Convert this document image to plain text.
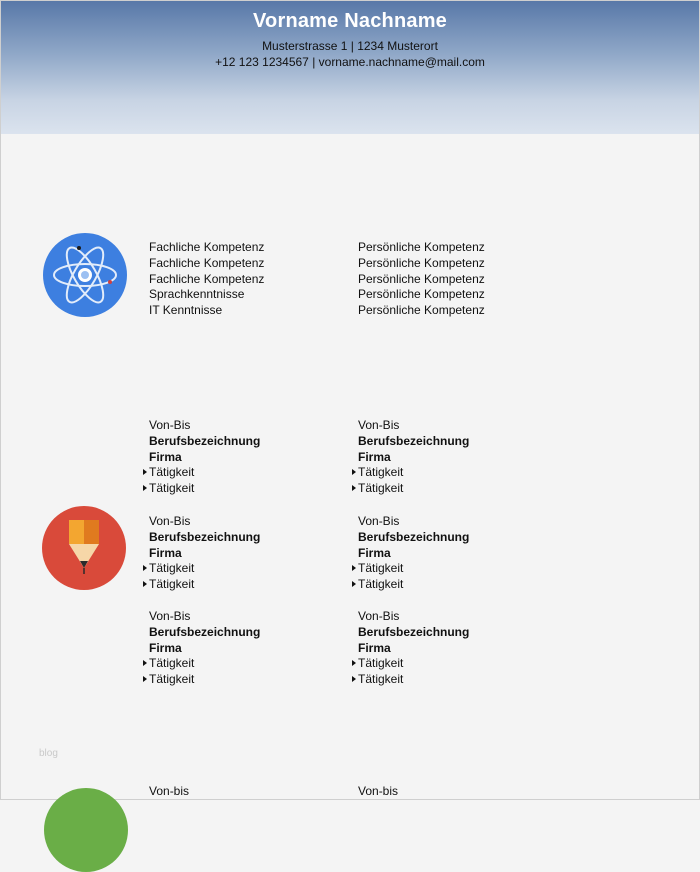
Vorname Nachname
Musterstrasse 1 | 1234 Musterort
+12 123 1234567 | vorname.nachname@mail.com
Fachliche Kompetenz
Fachliche Kompetenz
Fachliche Kompetenz
Sprachkenntnisse
IT Kenntnisse
Persönliche Kompetenz
Persönliche Kompetenz
Persönliche Kompetenz
Persönliche Kompetenz
Persönliche Kompetenz
Von-Bis
Berufsbezeichnung
Firma
Tätigkeit
Tätigkeit
Von-Bis
Berufsbezeichnung
Firma
Tätigkeit
Tätigkeit
Von-Bis
Berufsbezeichnung
Firma
Tätigkeit
Tätigkeit
Von-Bis
Berufsbezeichnung
Firma
Tätigkeit
Tätigkeit
Von-Bis
Berufsbezeichnung
Firma
Tätigkeit
Tätigkeit
Von-Bis
Berufsbezeichnung
Firma
Tätigkeit
Tätigkeit
blog
Von-bis	Von-bis
